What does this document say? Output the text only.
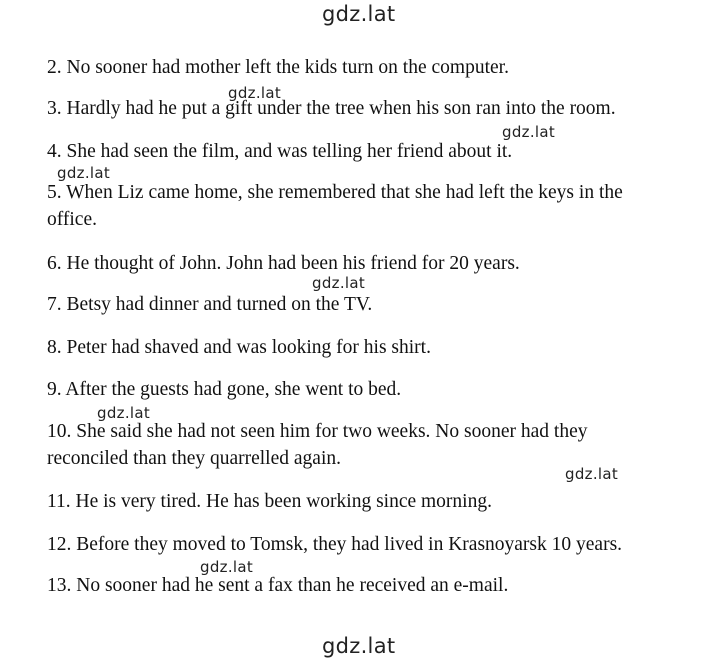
gdz.lat
gdz.lat
gdz.lat
gdz.lat
gdz.lat
gdz.lat
gdz.lat
gdz.lat
gdz.lat
2. No sooner had mother left the kids turn on the computer.
3. Hardly had he put a gift under the tree when his son ran into the room.
4. She had seen the film, and was telling her friend about it.
5. When Liz came home, she remembered that she had left the keys in the office.
6. He thought of John. John had been his friend for 20 years.
7. Betsy had dinner and turned on the TV.
8. Peter had shaved and was looking for his shirt.
9. After the guests had gone, she went to bed.
10. She said she had not seen him for two weeks. No sooner had they reconciled than they quarrelled again.
11. He is very tired. He has been working since morning.
12. Before they moved to Tomsk, they had lived in Krasnoyarsk 10 years.
13. No sooner had he sent a fax than he received an e-mail.
